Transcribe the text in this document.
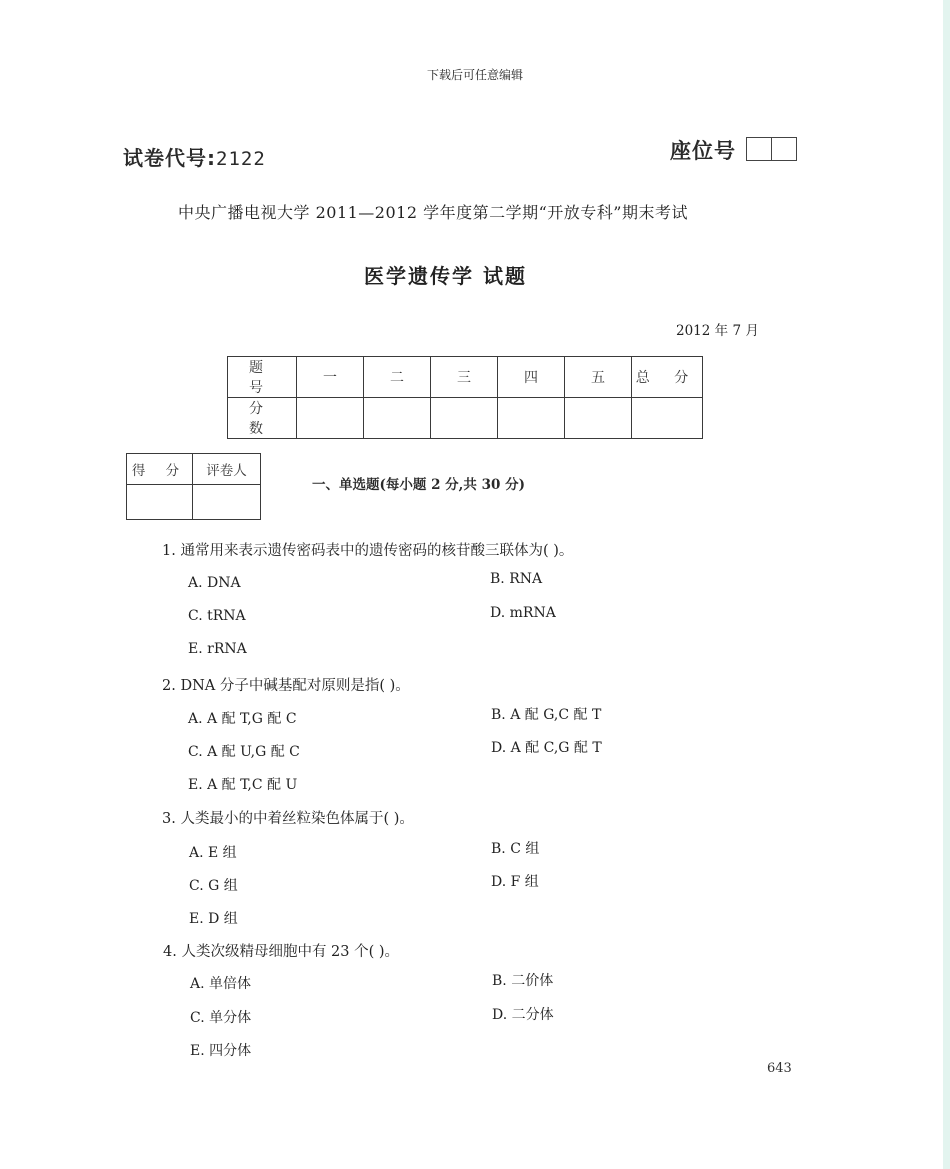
下载后可任意编辑
试卷代号:2122	座位号
中央广播电视大学 2011—2012 学年度第二学期“开放专科”期末考试
医学遗传学 试题
2012 年 7 月
题 号	一	二	三	四	五	总 分
分 数						
得 分	评卷人

一、单选题(每小题 2 分,共 30 分)
1. 通常用来表示遗传密码表中的遗传密码的核苷酸三联体为( )。
A. DNA	B. RNA
C. tRNA	D. mRNA
E. rRNA
2. DNA 分子中碱基配对原则是指( )。
A. A 配 T,G 配 C	B. A 配 G,C 配 T
C. A 配 U,G 配 C	D. A 配 C,G 配 T
E. A 配 T,C 配 U
3. 人类最小的中着丝粒染色体属于( )。
A. E 组	B. C 组
C. G 组	D. F 组
E. D 组
4. 人类次级精母细胞中有 23 个( )。
A. 单倍体	B. 二价体
C. 单分体	D. 二分体
E. 四分体
643
